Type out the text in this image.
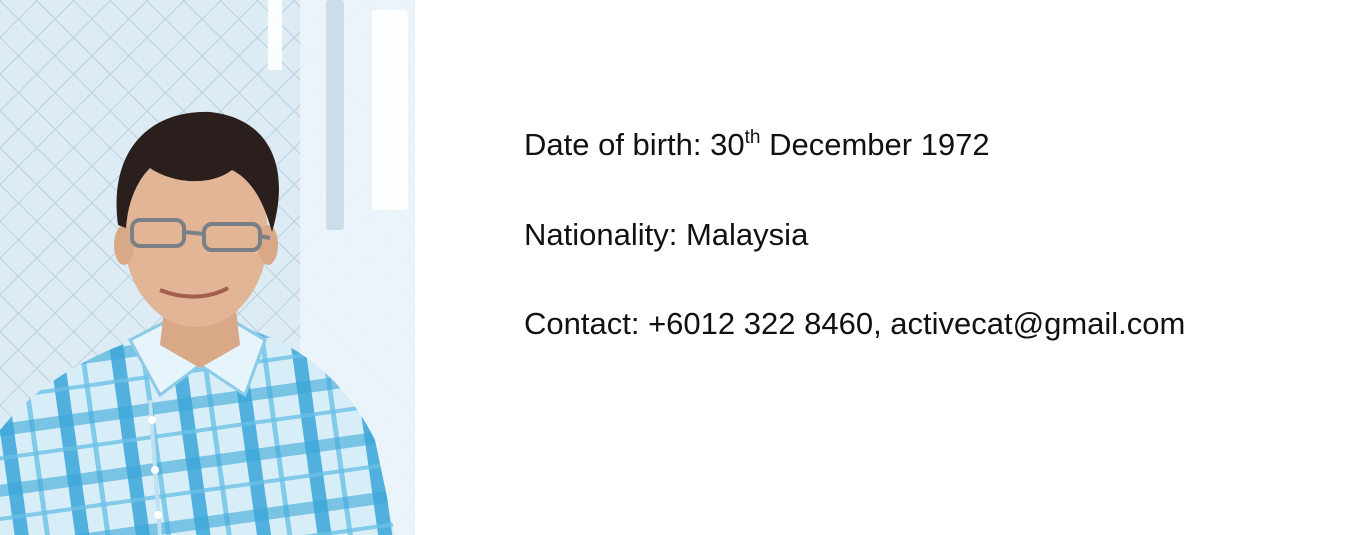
Date of birth: 30th December 1972
Nationality: Malaysia
Contact: +6012 322 8460, activecat@gmail.com
